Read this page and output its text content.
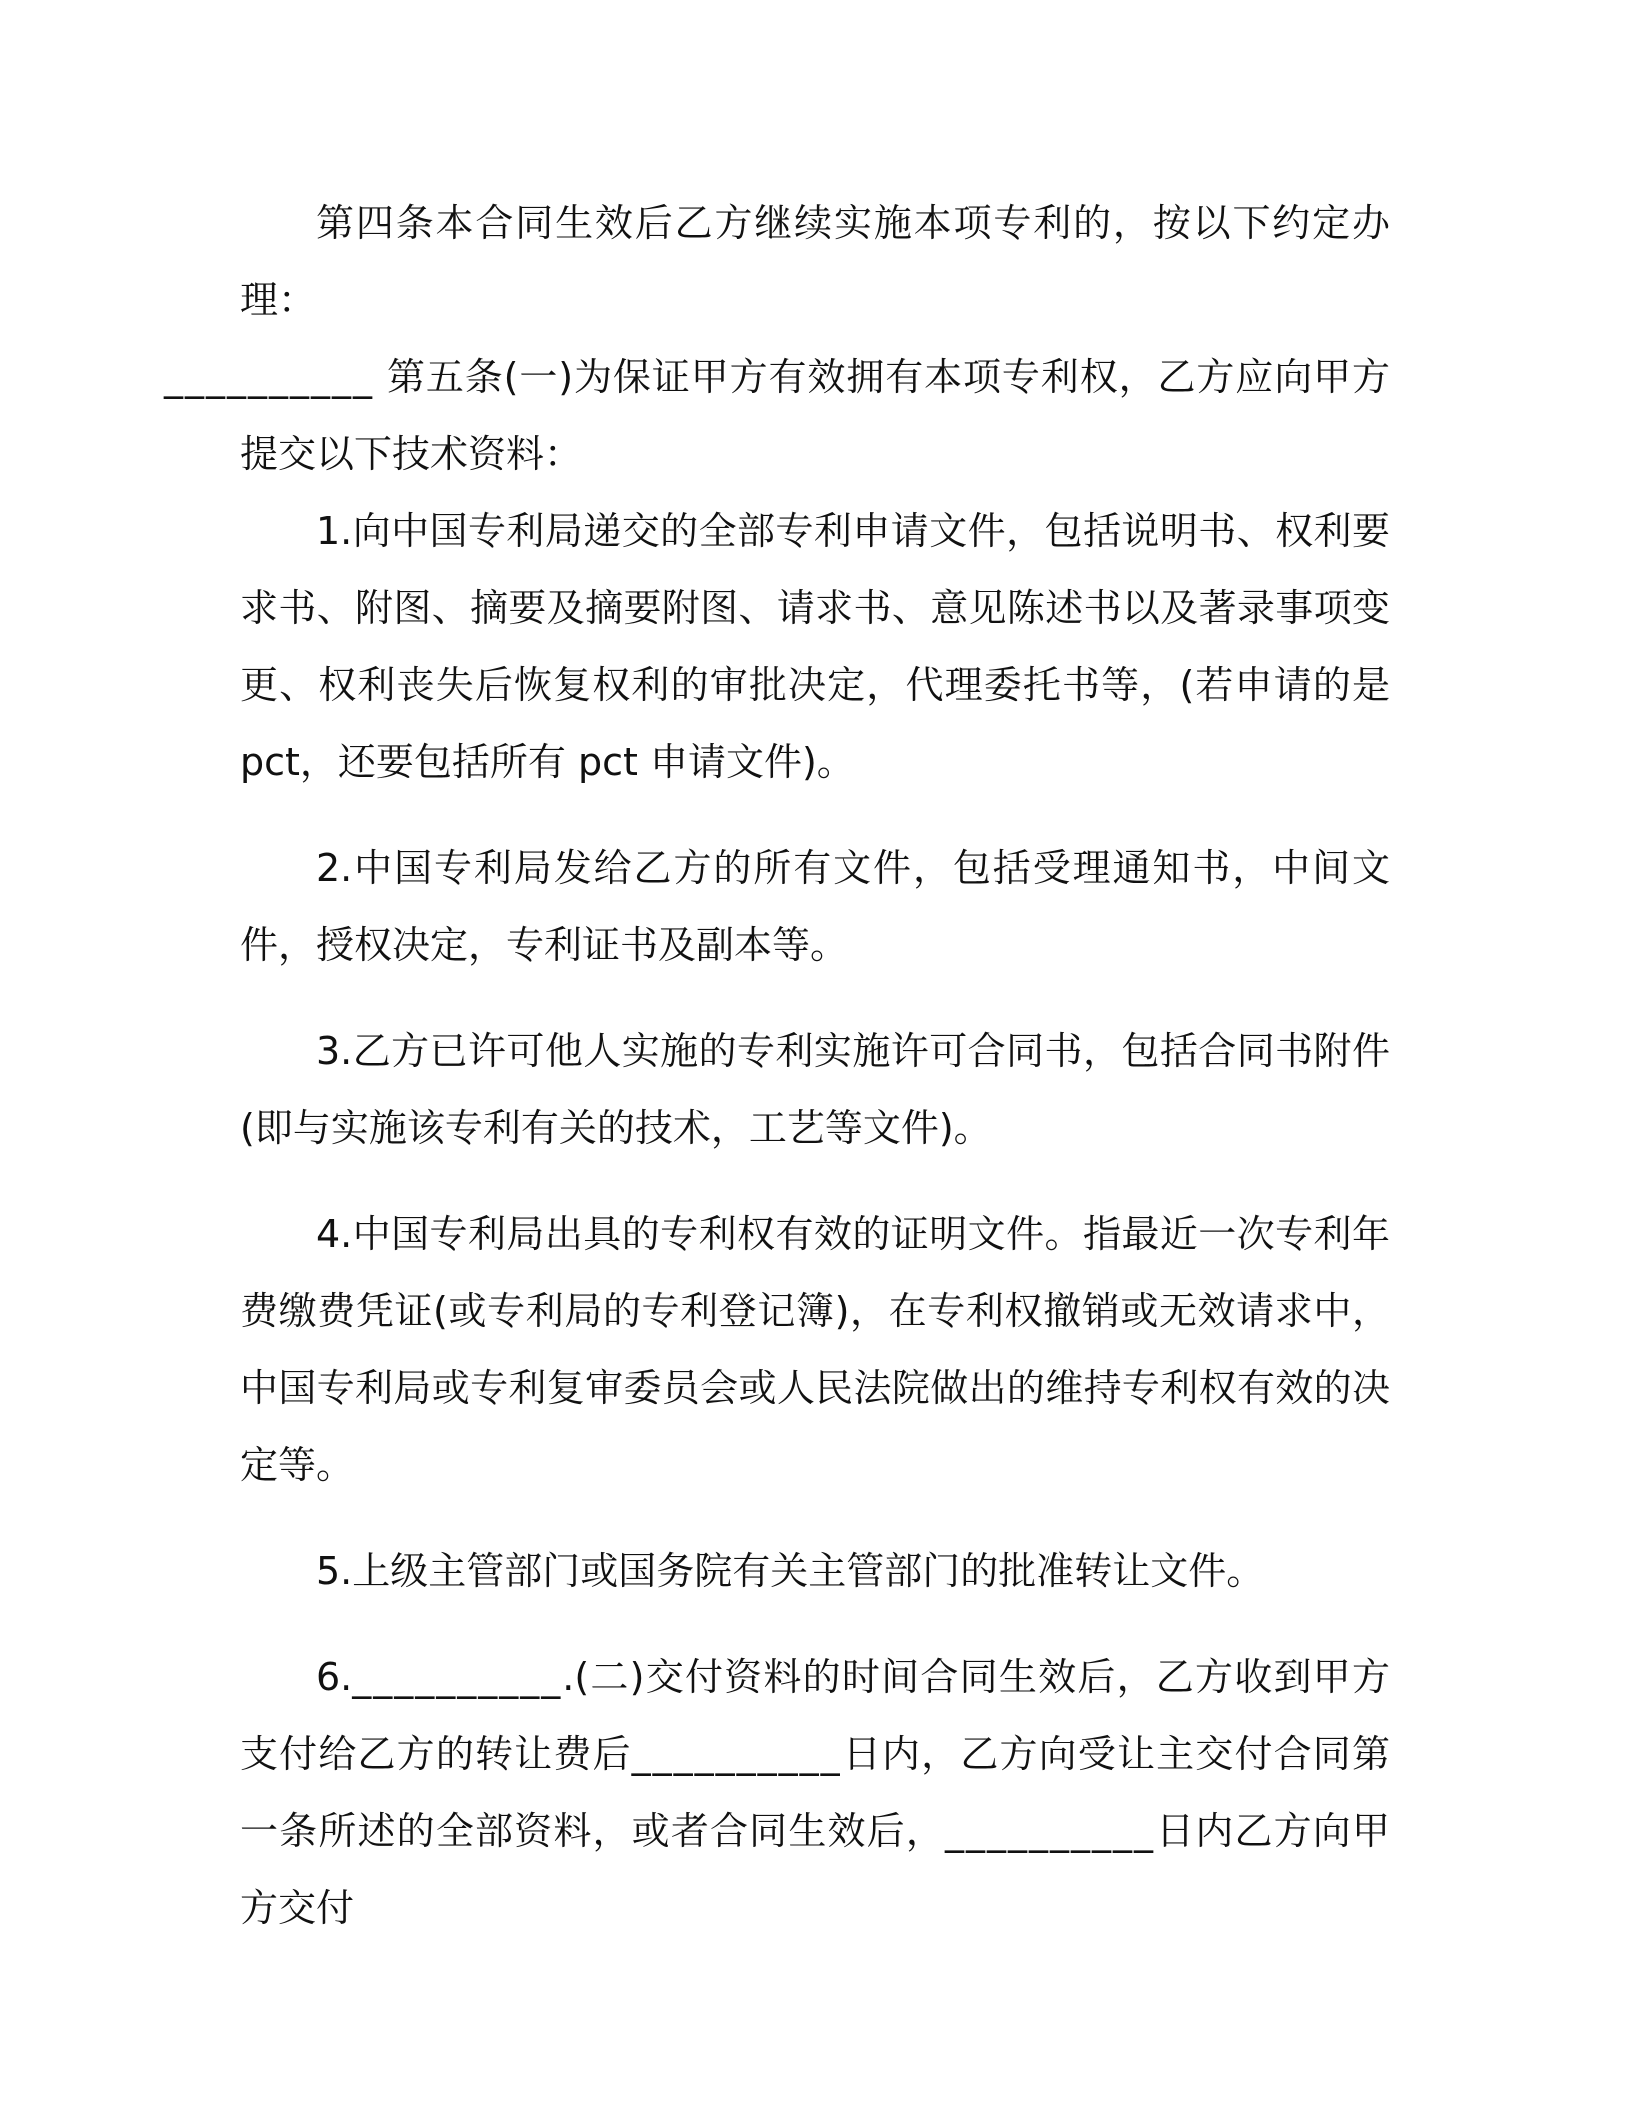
第四条本合同生效后乙方继续实施本项专利的，按以下约定办理：
__________ 第五条(一)为保证甲方有效拥有本项专利权，乙方应向甲方提交以下技术资料：

1.向中国专利局递交的全部专利申请文件，包括说明书、权利要求书、附图、摘要及摘要附图、请求书、意见陈述书以及著录事项变更、权利丧失后恢复权利的审批决定，代理委托书等，(若申请的是 pct，还要包括所有 pct 申请文件)。

2.中国专利局发给乙方的所有文件，包括受理通知书，中间文件，授权决定，专利证书及副本等。

3.乙方已许可他人实施的专利实施许可合同书，包括合同书附件(即与实施该专利有关的技术，工艺等文件)。

4.中国专利局出具的专利权有效的证明文件。指最近一次专利年费缴费凭证(或专利局的专利登记簿)，在专利权撤销或无效请求中，中国专利局或专利复审委员会或人民法院做出的维持专利权有效的决定等。

5.上级主管部门或国务院有关主管部门的批准转让文件。

6.__________.(二)交付资料的时间合同生效后，乙方收到甲方支付给乙方的转让费后__________日内，乙方向受让主交付合同第一条所述的全部资料，或者合同生效后，__________日内乙方向甲方交付
